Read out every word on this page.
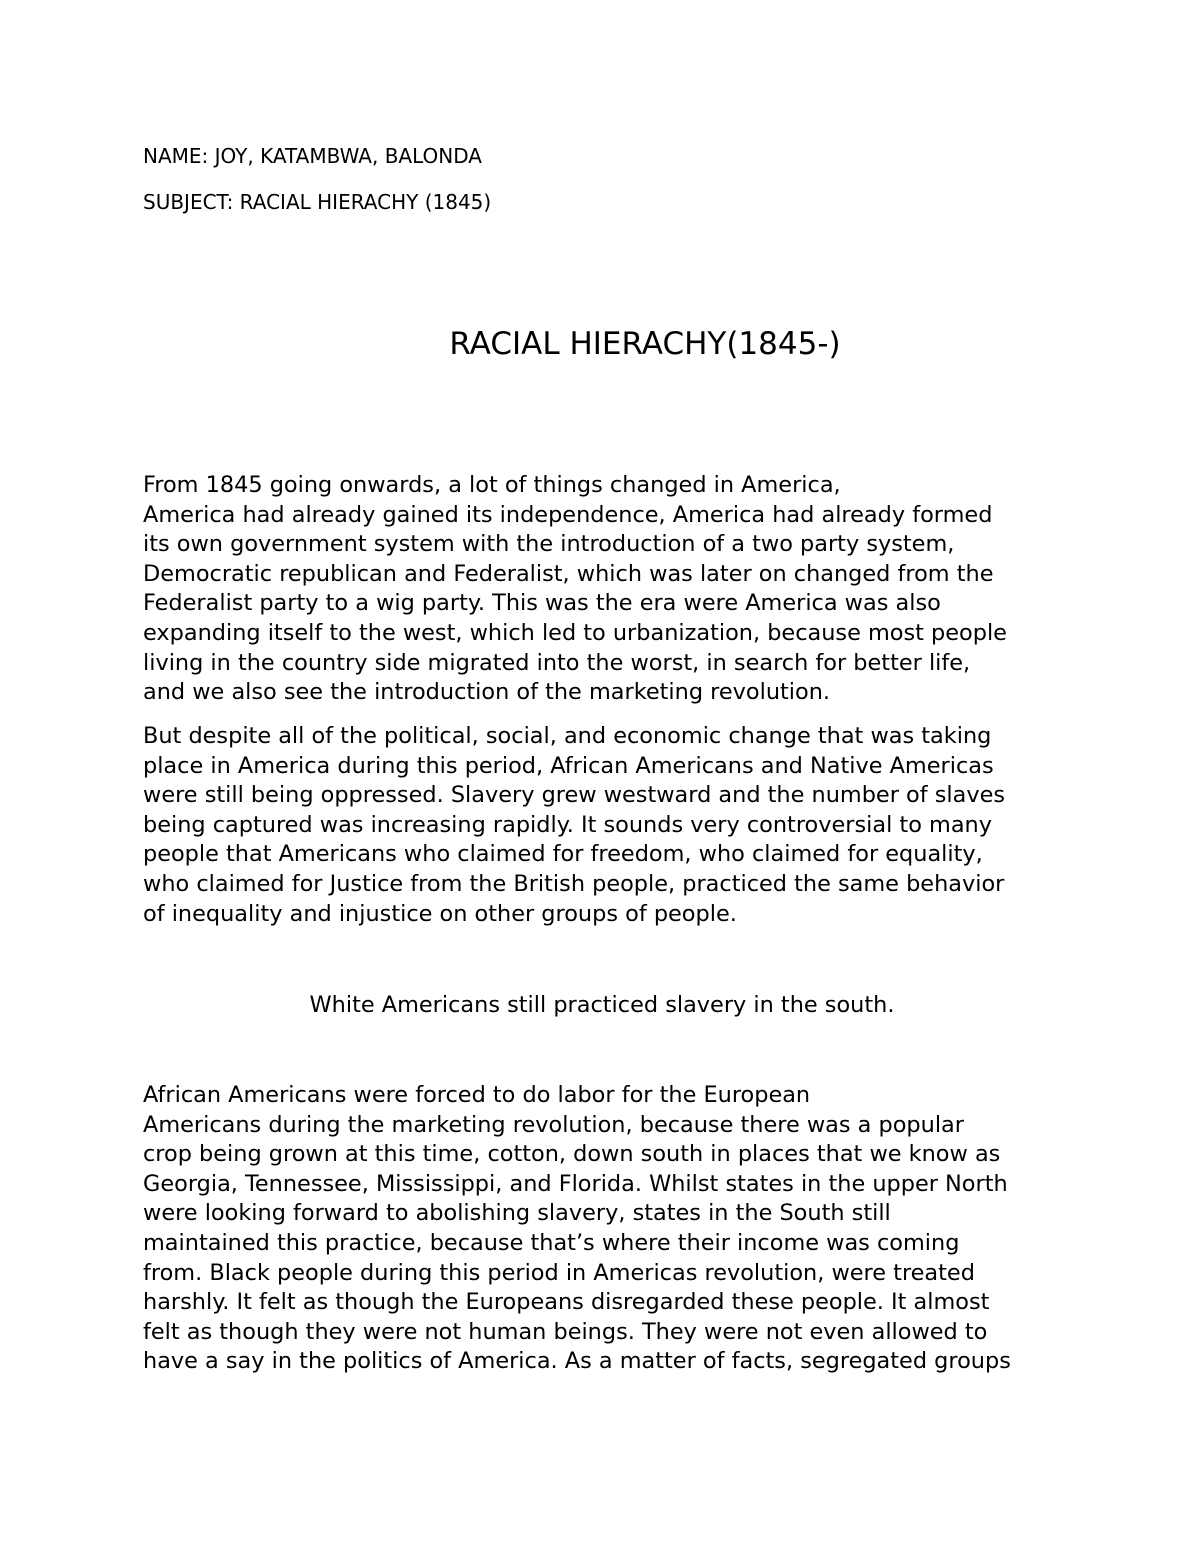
NAME: JOY, KATAMBWA, BALONDA
SUBJECT: RACIAL HIERACHY (1845)
RACIAL HIERACHY(1845-)

From 1845 going onwards, a lot of things changed in America,
America had already gained its independence, America had already formed
its own government system with the introduction of a two party system,
Democratic republican and Federalist, which was later on changed from the
Federalist party to a wig party. This was the era were America was also
expanding itself to the west, which led to urbanization, because most people
living in the country side migrated into the worst, in search for better life,
and we also see the introduction of the marketing revolution.

But despite all of the political, social, and economic change that was taking
place in America during this period, African Americans and Native Americas
were still being oppressed. Slavery grew westward and the number of slaves
being captured was increasing rapidly. It sounds very controversial to many
people that Americans who claimed for freedom, who claimed for equality,
who claimed for Justice from the British people, practiced the same behavior
of inequality and injustice on other groups of people.

White Americans still practiced slavery in the south.

African Americans were forced to do labor for the European
Americans during the marketing revolution, because there was a popular
crop being grown at this time, cotton, down south in places that we know as
Georgia, Tennessee, Mississippi, and Florida. Whilst states in the upper North
were looking forward to abolishing slavery, states in the South still
maintained this practice, because that’s where their income was coming
from. Black people during this period in Americas revolution, were treated
harshly. It felt as though the Europeans disregarded these people. It almost
felt as though they were not human beings. They were not even allowed to
have a say in the politics of America. As a matter of facts, segregated groups
